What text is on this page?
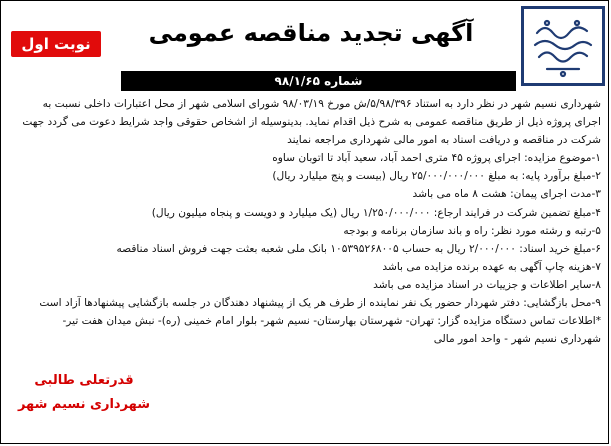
نوبت اول	آگهی تجدید مناقصه عمومی
شماره ۹۸/۱/۶۵
شهرداری نسیم شهر در نظر دارد به استناد ۵/۹۸/۳۹۶/ش مورخ ۹۸/۰۳/۱۹ شورای اسلامی شهر از محل اعتبارات داخلی نسبت به
اجرای پروژه ذیل از طریق مناقصه عمومی به شرح ذیل اقدام نماید. بدینوسیله از اشخاص حقوقی واجد شرایط دعوت می گردد جهت
شرکت در مناقصه و دریافت اسناد به امور مالی شهرداری مراجعه نمایند
۱-موضوع مزایده: اجرای پروژه ۴۵ متری احمد آباد، سعید آباد تا اتوبان ساوه
۲-مبلغ برآورد پایه: به مبلغ ۲۵/۰۰۰/۰۰۰/۰۰۰ ریال (بیست و پنج میلیارد ریال)
۳-مدت اجرای پیمان: هشت ۸ ماه می باشد
۴-مبلغ تضمین شرکت در فرایند ارجاع: ۱/۲۵۰/۰۰۰/۰۰۰ ریال (یک میلیارد و دویست و پنجاه میلیون ریال)
۵-رتبه و رشته مورد نظر: راه و باند سازمان برنامه و بودجه
۶-مبلغ خرید اسناد: ۲/۰۰۰/۰۰۰ ریال به حساب ۱۰۵۳۹۵۲۶۸۰۰۵ بانک ملی شعبه بعثت جهت فروش اسناد مناقصه
۷-هزینه چاپ آگهی به عهده برنده مزایده می باشد
۸-سایر اطلاعات و جزییات در اسناد مزایده می باشد
۹-محل بازگشایی: دفتر شهردار حضور یک نفر نماینده از طرف هر یک از پیشنهاد دهندگان در جلسه بازگشایی پیشنهادها آزاد است
*اطلاعات تماس دستگاه مزایده گزار: تهران- شهرستان بهارستان- نسیم شهر- بلوار امام خمینی (ره)- نبش میدان هفت تیر-
شهرداری نسیم شهر - واحد امور مالی
قدرتعلی طالبی
شهرداری نسیم شهر
